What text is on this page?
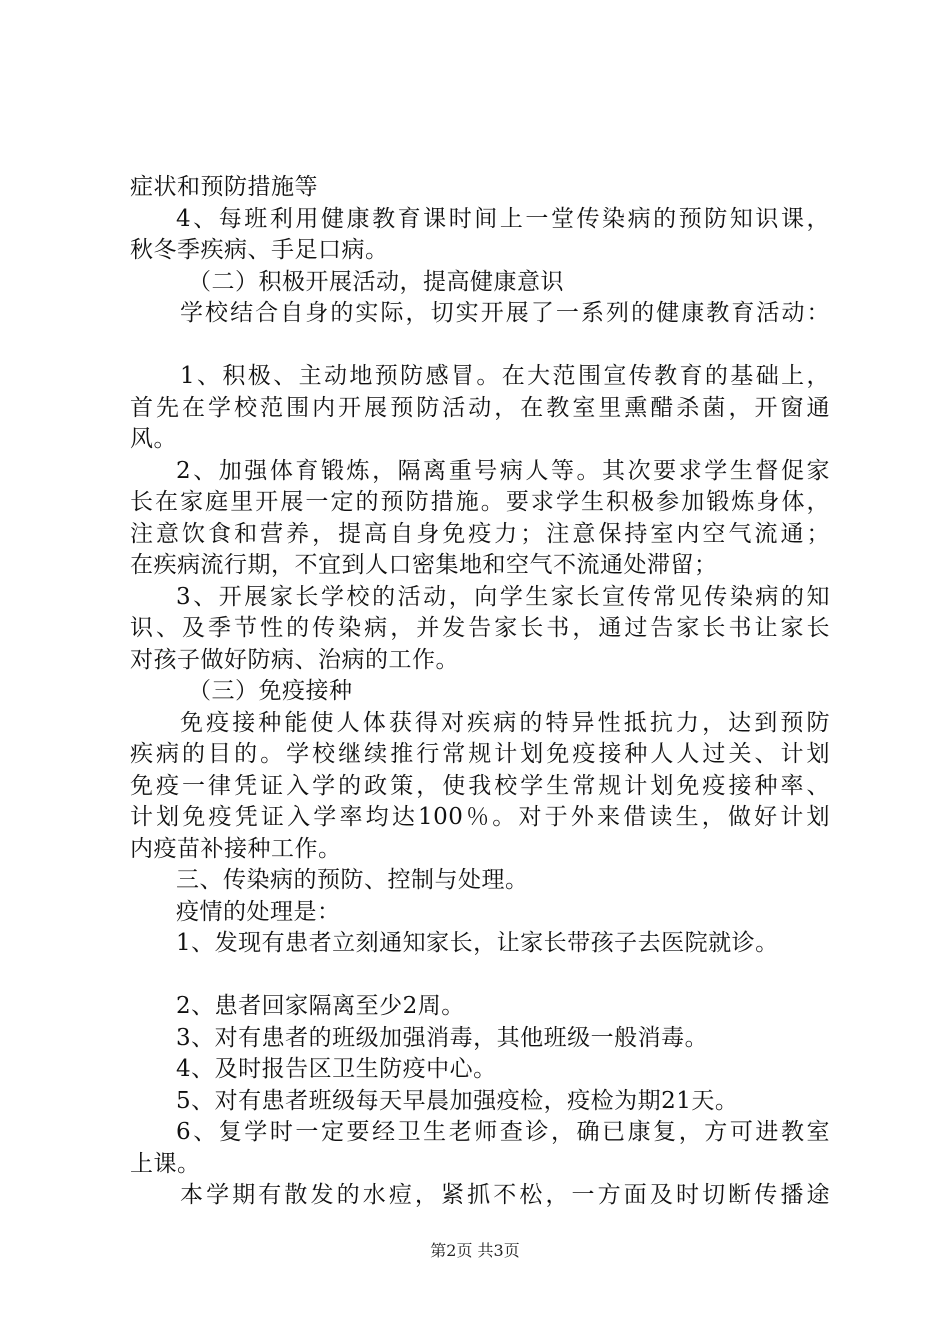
症状和预防措施等
4、每班利用健康教育课时间上一堂传染病的预防知识课，
秋冬季疾病、手足口病。
（二）积极开展活动，提高健康意识
学校结合自身的实际，切实开展了一系列的健康教育活动：
1、积极、主动地预防感冒。在大范围宣传教育的基础上，
首先在学校范围内开展预防活动，在教室里熏醋杀菌，开窗通
风。
2、加强体育锻炼，隔离重号病人等。其次要求学生督促家
长在家庭里开展一定的预防措施。要求学生积极参加锻炼身体，
注意饮食和营养，提高自身免疫力；注意保持室内空气流通；
在疾病流行期，不宜到人口密集地和空气不流通处滞留；
3、开展家长学校的活动，向学生家长宣传常见传染病的知
识、及季节性的传染病，并发告家长书，通过告家长书让家长
对孩子做好防病、治病的工作。
（三）免疫接种
免疫接种能使人体获得对疾病的特异性抵抗力，达到预防
疾病的目的。学校继续推行常规计划免疫接种人人过关、计划
免疫一律凭证入学的政策，使我校学生常规计划免疫接种率、
计划免疫凭证入学率均达100％。对于外来借读生，做好计划
内疫苗补接种工作。
三、传染病的预防、控制与处理。
疫情的处理是：
1、发现有患者立刻通知家长，让家长带孩子去医院就诊。
2、患者回家隔离至少2周。
3、对有患者的班级加强消毒，其他班级一般消毒。
4、及时报告区卫生防疫中心。
5、对有患者班级每天早晨加强疫检，疫检为期21天。
6、复学时一定要经卫生老师查诊，确已康复，方可进教室
上课。
本学期有散发的水痘，紧抓不松，一方面及时切断传播途
第2页 共3页
